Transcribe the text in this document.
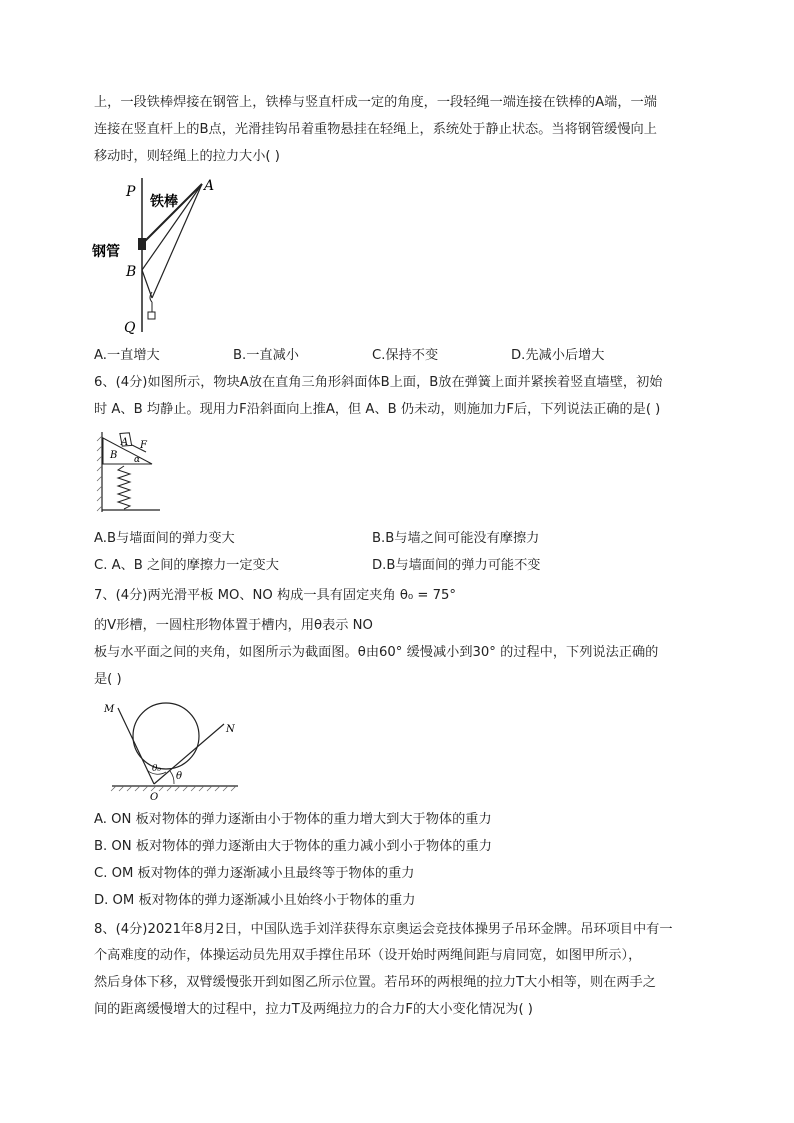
上，一段铁棒焊接在钢管上，铁棒与竖直杆成一定的角度，一段轻绳一端连接在铁棒的A端，一端
连接在竖直杆上的B点，光滑挂钩吊着重物悬挂在轻绳上，系统处于静止状态。当将钢管缓慢向上
移动时，则轻绳上的拉力大小( )
P	A
铁棒
钢管
B
Q
A.一直增大	B.一直减小	C.保持不变	D.先减小后增大
6、(4分)如图所示，物块A放在直角三角形斜面体B上面，B放在弹簧上面并紧挨着竖直墙壁，初始
时 A、B 均静止。现用力F沿斜面向上推A，但 A、B 仍未动，则施加力F后，下列说法正确的是( )
A F
B α
A.B与墙面间的弹力变大	B.B与墙之间可能没有摩擦力
C. A、B 之间的摩擦力一定变大	D.B与墙面间的弹力可能不变
7、(4分)两光滑平板 MO、NO 构成一具有固定夹角 θ₀ = 75°
的V形槽，一圆柱形物体置于槽内，用θ表示 NO
板与水平面之间的夹角，如图所示为截面图。θ由60° 缓慢减小到30° 的过程中，下列说法正确的
是( )
M
N
O
θ₀
θ
A. ON 板对物体的弹力逐渐由小于物体的重力增大到大于物体的重力
B. ON 板对物体的弹力逐渐由大于物体的重力减小到小于物体的重力
C. OM 板对物体的弹力逐渐减小且最终等于物体的重力
D. OM 板对物体的弹力逐渐减小且始终小于物体的重力
8、(4分)2021年8月2日，中国队选手刘洋获得东京奥运会竞技体操男子吊环金牌。吊环项目中有一
个高难度的动作，体操运动员先用双手撑住吊环（设开始时两绳间距与肩同宽，如图甲所示），
然后身体下移，双臂缓慢张开到如图乙所示位置。若吊环的两根绳的拉力T大小相等，则在两手之
间的距离缓慢增大的过程中，拉力T及两绳拉力的合力F的大小变化情况为( )
